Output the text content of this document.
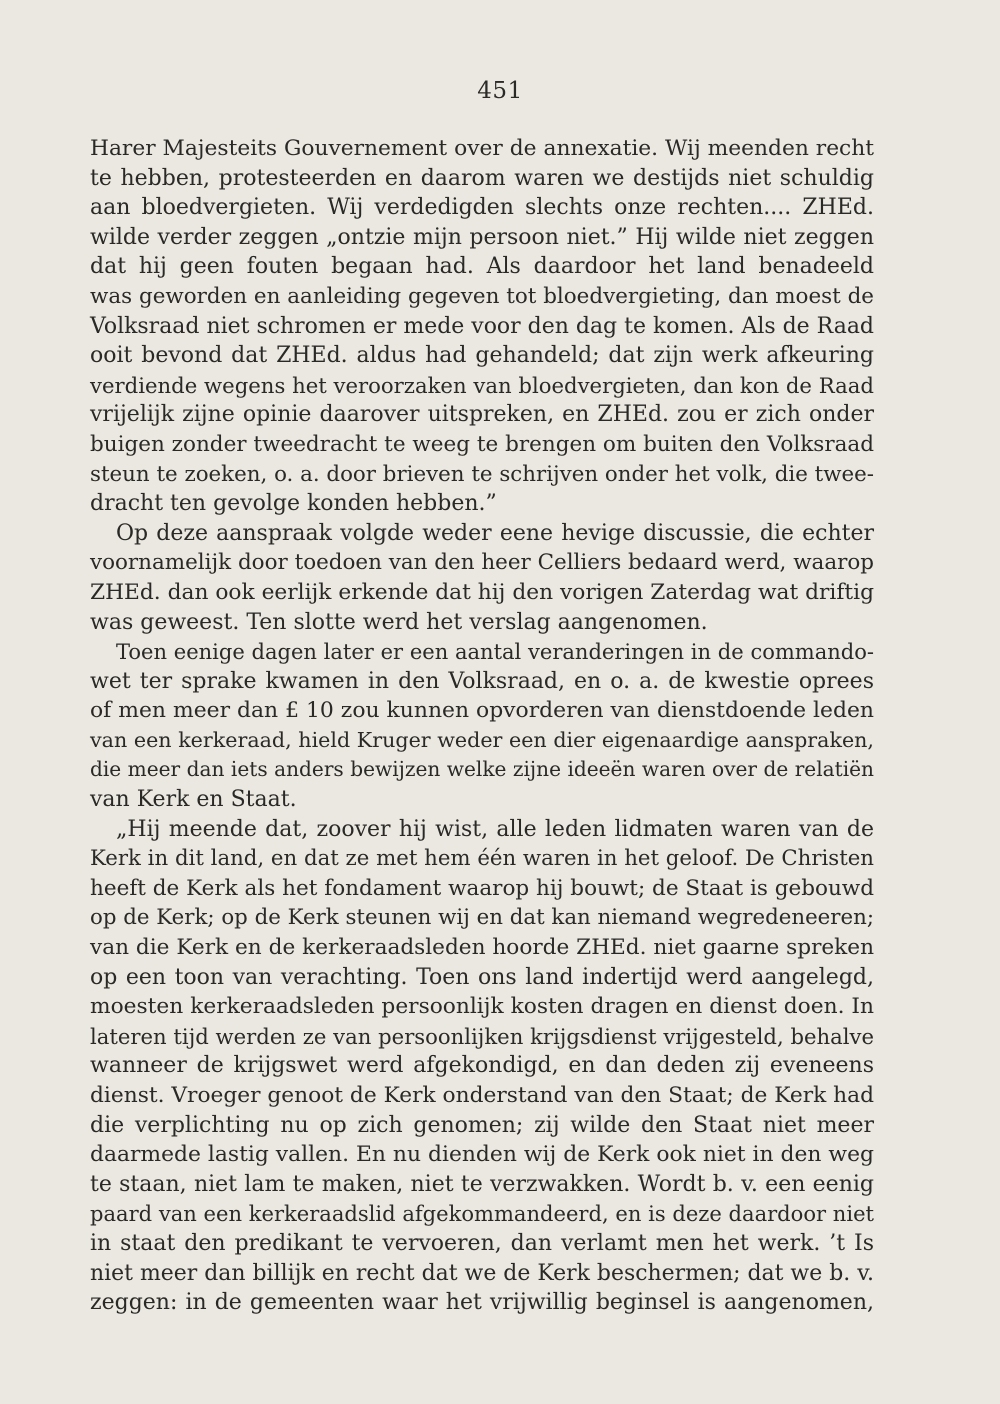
451
Harer Majesteits Gouvernement over de annexatie. Wij meenden recht
te hebben, protesteerden en daarom waren we destijds niet schuldig
aan bloedvergieten. Wij verdedigden slechts onze rechten.... ZHEd.
wilde verder zeggen „ontzie mijn persoon niet.” Hij wilde niet zeggen
dat hij geen fouten begaan had. Als daardoor het land benadeeld
was geworden en aanleiding gegeven tot bloedvergieting, dan moest de
Volksraad niet schromen er mede voor den dag te komen. Als de Raad
ooit bevond dat ZHEd. aldus had gehandeld; dat zijn werk afkeuring
verdiende wegens het veroorzaken van bloedvergieten, dan kon de Raad
vrijelijk zijne opinie daarover uitspreken, en ZHEd. zou er zich onder
buigen zonder tweedracht te weeg te brengen om buiten den Volksraad
steun te zoeken, o. a. door brieven te schrijven onder het volk, die twee-
dracht ten gevolge konden hebben.”
Op deze aanspraak volgde weder eene hevige discussie, die echter
voornamelijk door toedoen van den heer Celliers bedaard werd, waarop
ZHEd. dan ook eerlijk erkende dat hij den vorigen Zaterdag wat driftig
was geweest. Ten slotte werd het verslag aangenomen.
Toen eenige dagen later er een aantal veranderingen in de commando-
wet ter sprake kwamen in den Volksraad, en o. a. de kwestie oprees
of men meer dan £ 10 zou kunnen opvorderen van dienstdoende leden
van een kerkeraad, hield Kruger weder een dier eigenaardige aanspraken,
die meer dan iets anders bewijzen welke zijne ideeën waren over de relatiën
van Kerk en Staat.
„Hij meende dat, zoover hij wist, alle leden lidmaten waren van de
Kerk in dit land, en dat ze met hem één waren in het geloof. De Christen
heeft de Kerk als het fondament waarop hij bouwt; de Staat is gebouwd
op de Kerk; op de Kerk steunen wij en dat kan niemand wegredeneeren;
van die Kerk en de kerkeraadsleden hoorde ZHEd. niet gaarne spreken
op een toon van verachting. Toen ons land indertijd werd aangelegd,
moesten kerkeraadsleden persoonlijk kosten dragen en dienst doen. In
lateren tijd werden ze van persoonlijken krijgsdienst vrijgesteld, behalve
wanneer de krijgswet werd afgekondigd, en dan deden zij eveneens
dienst. Vroeger genoot de Kerk onderstand van den Staat; de Kerk had
die verplichting nu op zich genomen; zij wilde den Staat niet meer
daarmede lastig vallen. En nu dienden wij de Kerk ook niet in den weg
te staan, niet lam te maken, niet te verzwakken. Wordt b. v. een eenig
paard van een kerkeraadslid afgekommandeerd, en is deze daardoor niet
in staat den predikant te vervoeren, dan verlamt men het werk. ’t Is
niet meer dan billijk en recht dat we de Kerk beschermen; dat we b. v.
zeggen: in de gemeenten waar het vrijwillig beginsel is aangenomen,
